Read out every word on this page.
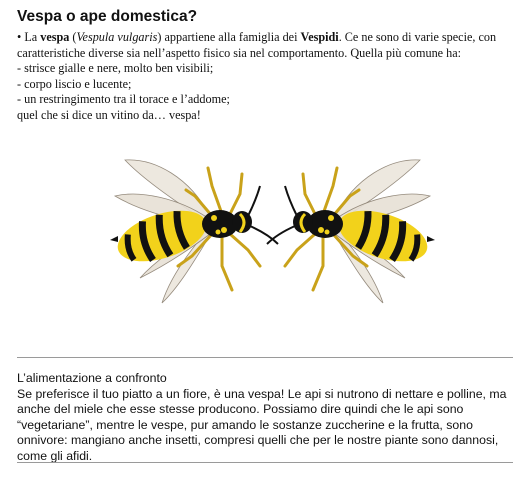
Vespa o ape domestica?

• La vespa (Vespula vulgaris) appartiene alla famiglia dei Vespidi. Ce ne sono di varie specie, con caratteristiche diverse sia nell’aspetto fisico sia nel comportamento. Quella più comune ha:

- strisce gialle e nere, molto ben visibili;

- corpo liscio e lucente;

- un restringimento tra il torace e l’addome;

quel che si dice un vitino da… vespa!

L’alimentazione a confronto

Se preferisce il tuo piatto a un fiore, è una vespa! Le api si nutrono di nettare e polline, ma anche del miele che esse stesse producono. Possiamo dire quindi che le api sono “vegetariane”, mentre le vespe, pur amando le sostanze zuccherine e la frutta, sono onnivore: mangiano anche insetti, compresi quelli che per le nostre piante sono dannosi, come gli afidi.
